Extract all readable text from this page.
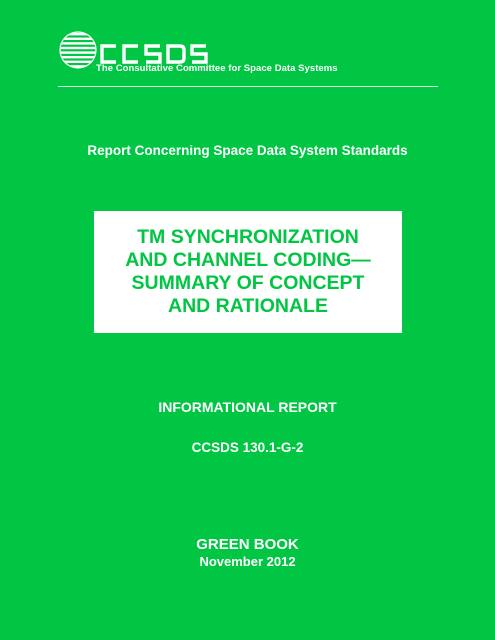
The Consultative Committee for Space Data Systems
Report Concerning Space Data System Standards
TM SYNCHRONIZATION
AND CHANNEL CODING—
SUMMARY OF CONCEPT
AND RATIONALE
INFORMATIONAL REPORT
CCSDS 130.1-G-2
GREEN BOOK
November 2012
